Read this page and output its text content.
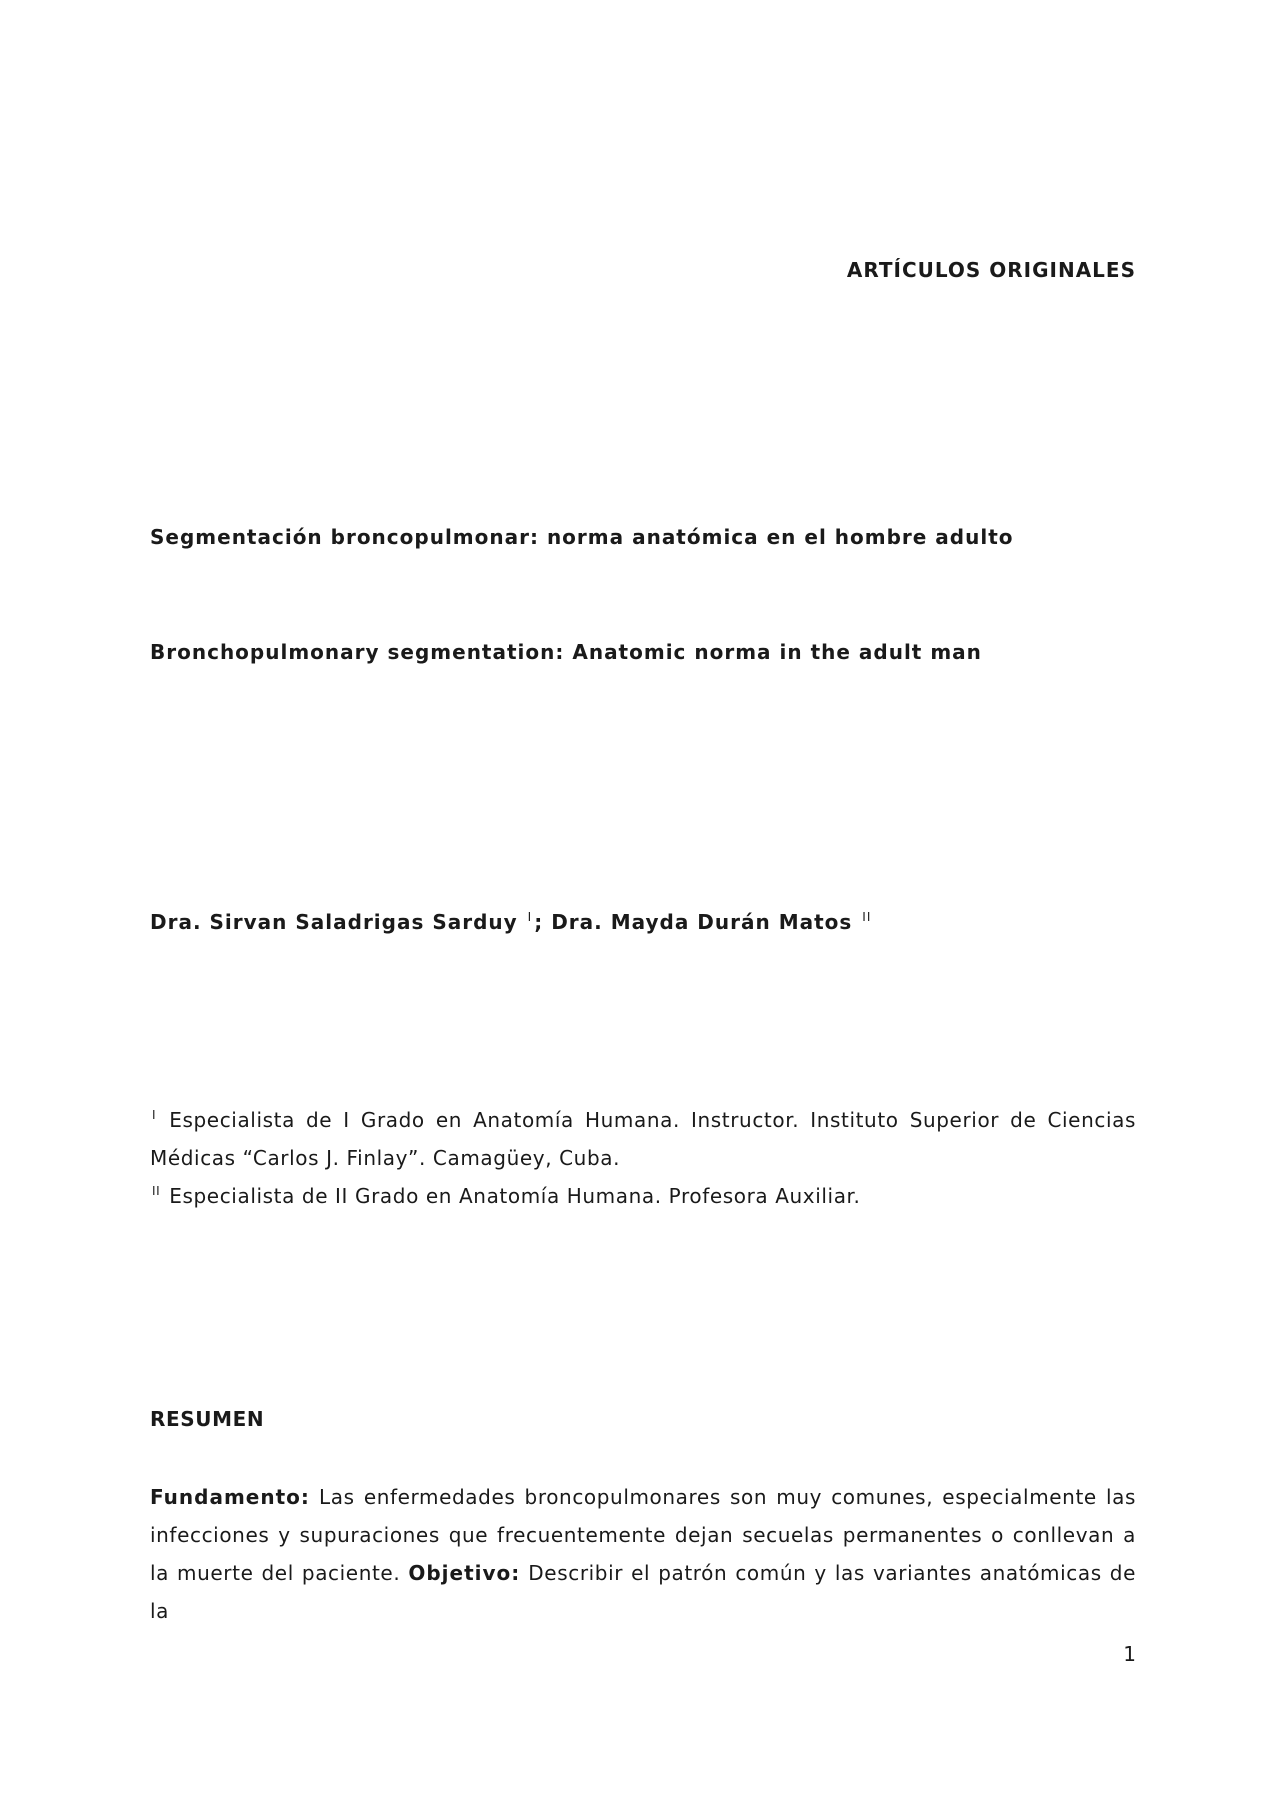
ARTÍCULOS ORIGINALES
Segmentación broncopulmonar: norma anatómica en el hombre adulto
Bronchopulmonary segmentation: Anatomic norma in the adult man
Dra. Sirvan Saladrigas Sarduy $^I$ ; Dra. Mayda Durán Matos $^{II}$
$^I$ Especialista de I Grado en Anatomía Humana. Instructor. Instituto Superior de Ciencias Médicas “Carlos J. Finlay”. Camagüey, Cuba.
$^{II}$ Especialista de II Grado en Anatomía Humana. Profesora Auxiliar.
RESUMEN
Fundamento: Las enfermedades broncopulmonares son muy comunes, especialmente las infecciones y supuraciones que frecuentemente dejan secuelas permanentes o conllevan a la muerte del paciente. Objetivo: Describir el patrón común y las variantes anatómicas de la
1
